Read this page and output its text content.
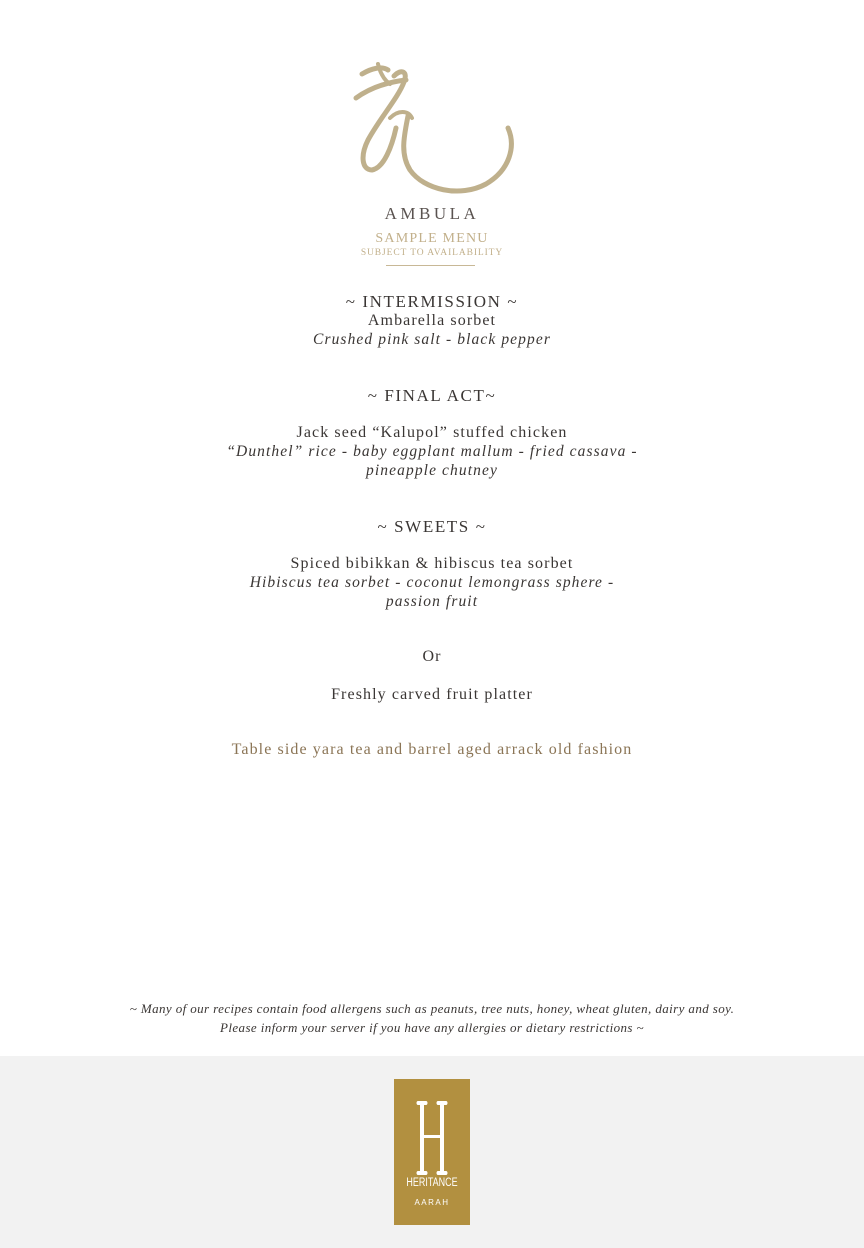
AMBULA
SAMPLE MENU
SUBJECT TO AVAILABILITY
~ INTERMISSION ~
Ambarella sorbet
Crushed pink salt - black pepper
~ FINAL ACT~
Jack seed “Kalupol” stuffed chicken
“Dunthel” rice - baby eggplant mallum - fried cassava -
pineapple chutney
~ SWEETS ~
Spiced bibikkan & hibiscus tea sorbet
Hibiscus tea sorbet - coconut lemongrass sphere -
passion fruit
Or
Freshly carved fruit platter
Table side yara tea and barrel aged arrack old fashion
~ Many of our recipes contain food allergens such as peanuts, tree nuts, honey, wheat gluten, dairy and soy.
Please inform your server if you have any allergies or dietary restrictions ~
HERITANCE
AARAH
